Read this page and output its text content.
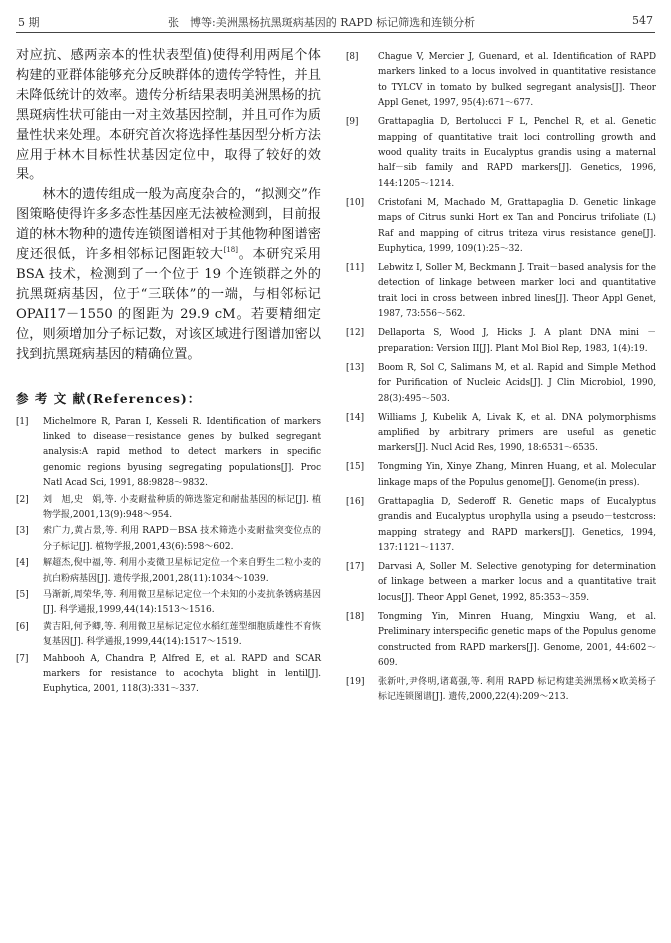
5 期	张　博等:美洲黑杨抗黑斑病基因的 RAPD 标记筛选和连锁分析	547

对应抗、感两亲本的性状表型值)使得利用两尾个体构建的亚群体能够充分反映群体的遗传学特性，并且未降低统计的效率。遗传分析结果表明美洲黑杨的抗黑斑病性状可能由一对主效基因控制，并且可作为质量性状来处理。本研究首次将选择性基因型分析方法应用于林木目标性状基因定位中，取得了较好的效果。

林木的遗传组成一般为高度杂合的，“拟测交”作图策略使得许多多态性基因座无法被检测到，目前报道的林木物种的遗传连锁图谱相对于其他物种图谱密度还很低，许多相邻标记图距较大[18]。本研究采用 BSA 技术，检测到了一个位于 19 个连锁群之外的抗黑斑病基因，位于“三联体”的一端，与相邻标记 OPAI17－1550 的图距为 29.9 cM。若要精细定位，则须增加分子标记数，对该区域进行图谱加密以找到抗黑斑病基因的精确位置。

参 考 文 献(References)：
[1] Michelmore R, Paran I, Kesseli R. Identification of markers linked to disease－resistance genes by bulked segregant analysis:A rapid method to detect markers in specific genomic regions byusing segregating populations[J]. Proc Natl Acad Sci, 1991, 88:9828～9832.
[2] 刘　旭,史　娟,等. 小麦耐盐种质的筛选鉴定和耐盐基因的标记[J]. 植物学报,2001,13(9):948～954.
[3] 索广力,黄占景,等. 利用 RAPD－BSA 技术筛选小麦耐盐突变位点的分子标记[J]. 植物学报,2001,43(6):598～602.
[4] 解超杰,倪中福,等. 利用小麦微卫星标记定位一个来自野生二粒小麦的抗白粉病基因[J]. 遗传学报,2001,28(11):1034～1039.
[5] 马渐新,周荣华,等. 利用微卫星标记定位一个未知的小麦抗条锈病基因[J]. 科学通报,1999,44(14):1513～1516.
[6] 黄吉阳,何予卿,等. 利用微卫星标记定位水稻红莲型细胞质雄性不育恢复基因[J]. 科学通报,1999,44(14):1517～1519.
[7] Mahbooh A, Chandra P, Alfred E, et al. RAPD and SCAR markers for resistance to acochyta blight in lentil[J]. Euphytica, 2001, 118(3):331～337.
[8] Chague V, Mercier J, Guenard, et al. Identification of RAPD markers linked to a locus involved in quantitative resistance to TYLCV in tomato by bulked segregant analysis[J]. Theor Appl Genet, 1997, 95(4):671～677.
[9] Grattapaglia D, Bertolucci F L, Penchel R, et al. Genetic mapping of quantitative trait loci controlling growth and wood quality traits in Eucalyptus grandis using a maternal half－sib family and RAPD markers[J]. Genetics, 1996, 144:1205～1214.
[10] Cristofani M, Machado M, Grattapaglia D. Genetic linkage maps of Citrus sunki Hort ex Tan and Poncirus trifoliate (L) Raf and mapping of citrus triteza virus resistance gene[J]. Euphytica, 1999, 109(1):25～32.
[11] Lebwitz I, Soller M, Beckmann J. Trait－based analysis for the detection of linkage between marker loci and quantitative trait loci in cross between inbred lines[J]. Theor Appl Genet, 1987, 73:556～562.
[12] Dellaporta S, Wood J, Hicks J. A plant DNA mini － preparation: Version II[J]. Plant Mol Biol Rep, 1983, 1(4):19.
[13] Boom R, Sol C, Salimans M, et al. Rapid and Simple Method for Purification of Nucleic Acids[J]. J Clin Microbiol, 1990, 28(3):495～503.
[14] Williams J, Kubelik A, Livak K, et al. DNA polymorphisms amplified by arbitrary primers are useful as genetic markers[J]. Nucl Acid Res, 1990, 18:6531～6535.
[15] Tongming Yin, Xinye Zhang, Minren Huang, et al. Molecular linkage maps of the Populus genome[J]. Genome(in press).
[16] Grattapaglia D, Sederoff R. Genetic maps of Eucalyptus grandis and Eucalyptus urophylla using a pseudo－testcross: mapping strategy and RAPD markers[J]. Genetics, 1994, 137:1121～1137.
[17] Darvasi A, Soller M. Selective genotyping for determination of linkage between a marker locus and a quantitative trait locus[J]. Theor Appl Genet, 1992, 85:353～359.
[18] Tongming Yin, Minren Huang, Mingxiu Wang, et al. Preliminary interspecific genetic maps of the Populus genome constructed from RAPD markers[J]. Genome, 2001, 44:602～609.
[19] 张新叶,尹佟明,诸葛强,等. 利用 RAPD 标记构建美洲黑杨×欧美杨子标记连锁图谱[J]. 遗传,2000,22(4):209～213.
